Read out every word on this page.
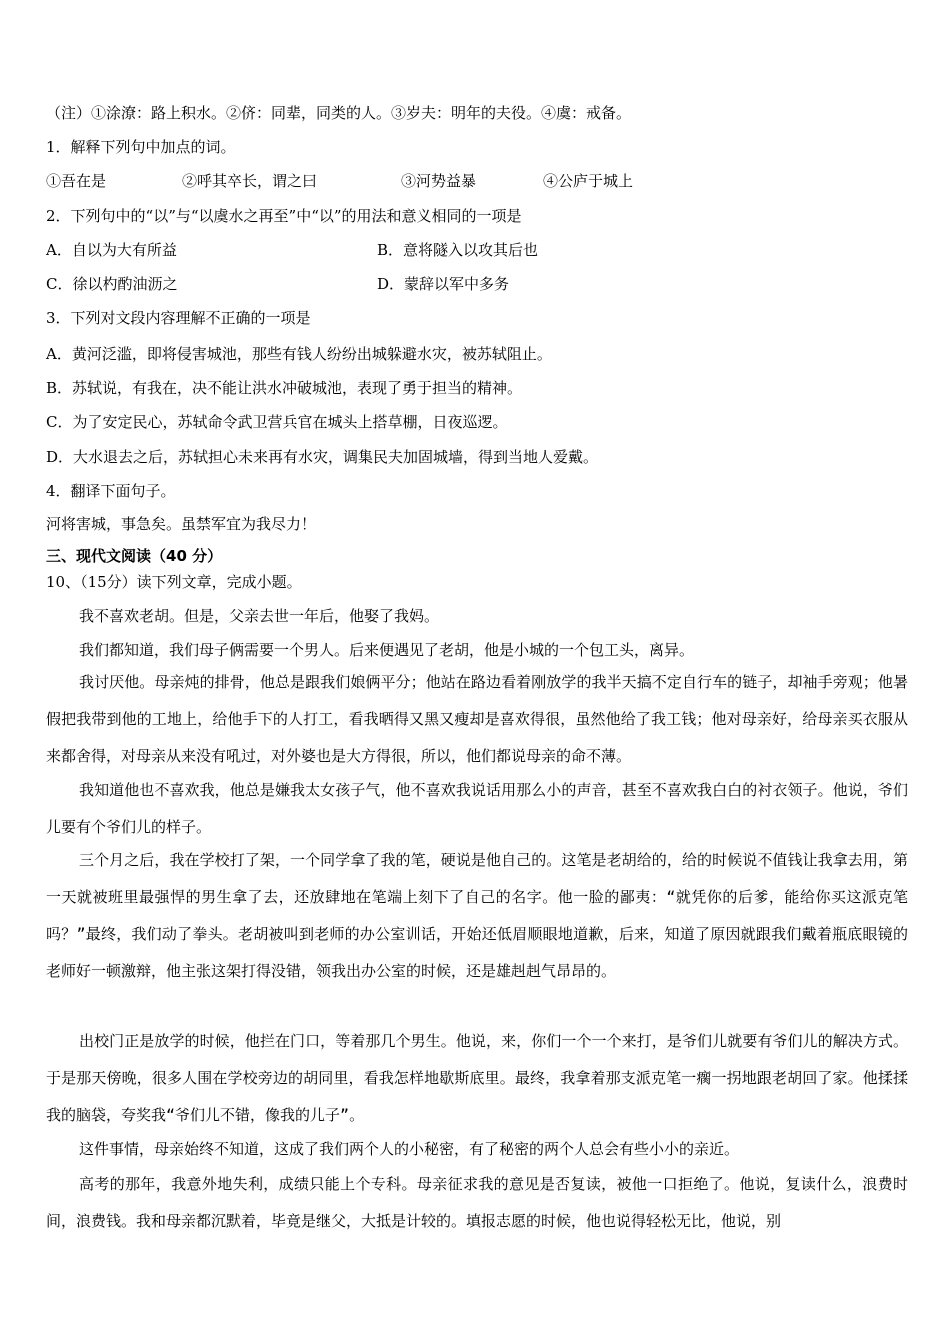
（注）①涂潦：路上积水。②侪：同辈，同类的人。③岁夫：明年的夫役。④虞：戒备。
1．解释下列句中加点的词。
①吾在是	②呼其卒长，谓之曰	③河势益暴	④公庐于城上
2．下列句中的“以”与“以虞水之再至”中“以”的用法和意义相同的一项是
A．自以为大有所益	B．意将隧入以攻其后也
C．徐以杓酌油沥之	D．蒙辞以军中多务
3．下列对文段内容理解不正确的一项是
A．黄河泛滥，即将侵害城池，那些有钱人纷纷出城躲避水灾，被苏轼阻止。
B．苏轼说，有我在，决不能让洪水冲破城池，表现了勇于担当的精神。
C．为了安定民心，苏轼命令武卫营兵官在城头上搭草棚，日夜巡逻。
D．大水退去之后，苏轼担心未来再有水灾，调集民夫加固城墙，得到当地人爱戴。
4．翻译下面句子。
河将害城，事急矣。虽禁军宜为我尽力！
三、现代文阅读（40 分）
10、（15分）读下列文章，完成小题。
我不喜欢老胡。但是，父亲去世一年后，他娶了我妈。
我们都知道，我们母子俩需要一个男人。后来便遇见了老胡，他是小城的一个包工头，离异。
我讨厌他。母亲炖的排骨，他总是跟我们娘俩平分；他站在路边看着刚放学的我半天搞不定自行车的链子，却袖手旁观；他暑假把我带到他的工地上，给他手下的人打工，看我晒得又黑又瘦却是喜欢得很，虽然他给了我工钱；他对母亲好，给母亲买衣服从来都舍得，对母亲从来没有吼过，对外婆也是大方得很，所以，他们都说母亲的命不薄。
我知道他也不喜欢我，他总是嫌我太女孩子气，他不喜欢我说话用那么小的声音，甚至不喜欢我白白的衬衣领子。他说，爷们儿要有个爷们儿的样子。
三个月之后，我在学校打了架，一个同学拿了我的笔，硬说是他自己的。这笔是老胡给的，给的时候说不值钱让我拿去用，第一天就被班里最强悍的男生拿了去，还放肆地在笔端上刻下了自己的名字。他一脸的鄙夷：“就凭你的后爹，能给你买这派克笔吗？”最终，我们动了拳头。老胡被叫到老师的办公室训话，开始还低眉顺眼地道歉，后来，知道了原因就跟我们戴着瓶底眼镜的老师好一顿激辩，他主张这架打得没错，领我出办公室的时候，还是雄赳赳气昂昂的。
出校门正是放学的时候，他拦在门口，等着那几个男生。他说，来，你们一个一个来打，是爷们儿就要有爷们儿的解决方式。于是那天傍晚，很多人围在学校旁边的胡同里，看我怎样地歇斯底里。最终，我拿着那支派克笔一瘸一拐地跟老胡回了家。他揉揉我的脑袋，夸奖我“爷们儿不错，像我的儿子”。
这件事情，母亲始终不知道，这成了我们两个人的小秘密，有了秘密的两个人总会有些小小的亲近。
高考的那年，我意外地失利，成绩只能上个专科。母亲征求我的意见是否复读，被他一口拒绝了。他说，复读什么，浪费时间，浪费钱。我和母亲都沉默着，毕竟是继父，大抵是计较的。填报志愿的时候，他也说得轻松无比，他说，别
